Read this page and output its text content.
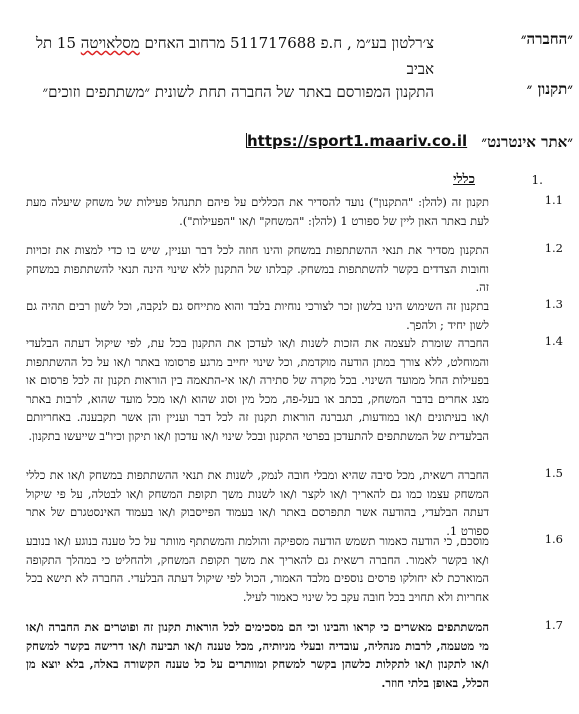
״החברה״
צ׳רלטון בע״מ , ח.פ 511717688 מרחוב האחים מסלאויטה 15 תל אביב
״תקנון ״
התקנון המפורסם באתר של החברה תחת לשונית ״משתתפים וזוכים״
״אתר אינטרנט״
https://sport1.maariv.co.il
1.
כללי
1.1
תקנון זה (להלן: "התקנון") נועד להסדיר את הכללים על פיהם תתנהל פעילות של משחק שיעלה מעת לעת באתר האון ליין של ספורט 1 (להלן: "המשחק" ו/או "הפעילות").
1.2
התקנון מסדיר את תנאי ההשתתפות במשחק והינו חוזה לכל דבר ועניין, שיש בו כדי למצות את זכויות וחובות הצדדים בקשר להשתתפות במשחק. קבלתו של התקנון ללא שינוי הינה תנאי להשתתפות במשחק זה.
1.3
בתקנון זה השימוש הינו בלשון זכר לצורכי נוחיות בלבד והוא מתייחס גם לנקבה, וכל לשון רבים תהיה גם לשון יחיד ; ולהפך.
1.4
החברה שומרת לעצמה את הזכות לשנות ו/או לעדכן את התקנון בכל עת, לפי שיקול דעתה הבלעדי והמוחלט, ללא צורך במתן הודעה מוקדמת, וכל שינוי יחייב מרגע פרסומו באתר ו/או על כל ההשתתפות בפעילות החל ממועד השינוי. בכל מקרה של סתירה ו/או אי-התאמה בין הוראות תקנון זה לכל פרסום או מצג אחרים בדבר המשחק, בכתב או בעל-פה, מכל מין וסוג שהוא ו/או מכל מועד שהוא, לרבות באתר ו/או בעיתונים ו/או במודעות, תגברנה הוראות תקנון זה לכל דבר ועניין והן אשר תקבענה. באחריותם הבלעדית של המשתתפים להתעדכן בפרטי התקנון ובכל שינוי ו/או עדכון ו/או תיקון וכיו"ב שייעשו בתקנון.
1.5
החברה רשאית, מכל סיבה שהיא ומבלי חובה לנמק, לשנות את תנאי ההשתתפות במשחק ו/או את כללי המשחק עצמו כמו גם להאריך ו/או לקצר ו/או לשנות משך תקופת המשחק ו/או לבטלה, על פי שיקול דעתה הבלעדי, בהודעה אשר תתפרסם באתר ו/או בעמוד הפייסבוק ו/או בעמוד האינסטגרם של אתר ספורט 1.
1.6
מוסכם, כי הודעה כאמור תשמש הודעה מספיקה והולמת והמשתתף מוותר על כל טענה בנוגע ו/או בנובע ו/או בקשר לאמור. החברה רשאית גם להאריך את משך תקופת המשחק, ולהחליט כי במהלך התקופה המוארכת לא יחולקו פרסים נוספים מלבד האמור, הכול לפי שיקול דעתה הבלעדי. החברה לא תישא בכל אחריות ולא תחויב בכל חובה עקב כל שינוי כאמור לעיל.
1.7
המשתתפים מאשרים כי קראו והבינו וכי הם מסכימים לכל הוראות תקנון זה ופוטרים את החברה ו/או מי מטעמה, לרבות מנהליה, עובדיה ובעלי מניותיה, מכל טענה ו/או תביעה ו/או דרישה בקשר למשחק ו/או לתקנון ו/או לתקלות כלשהן בקשר למשחק ומוותרים על כל טענה הקשורה באלה, בלא יוצא מן הכלל, באופן בלתי חוזר.
